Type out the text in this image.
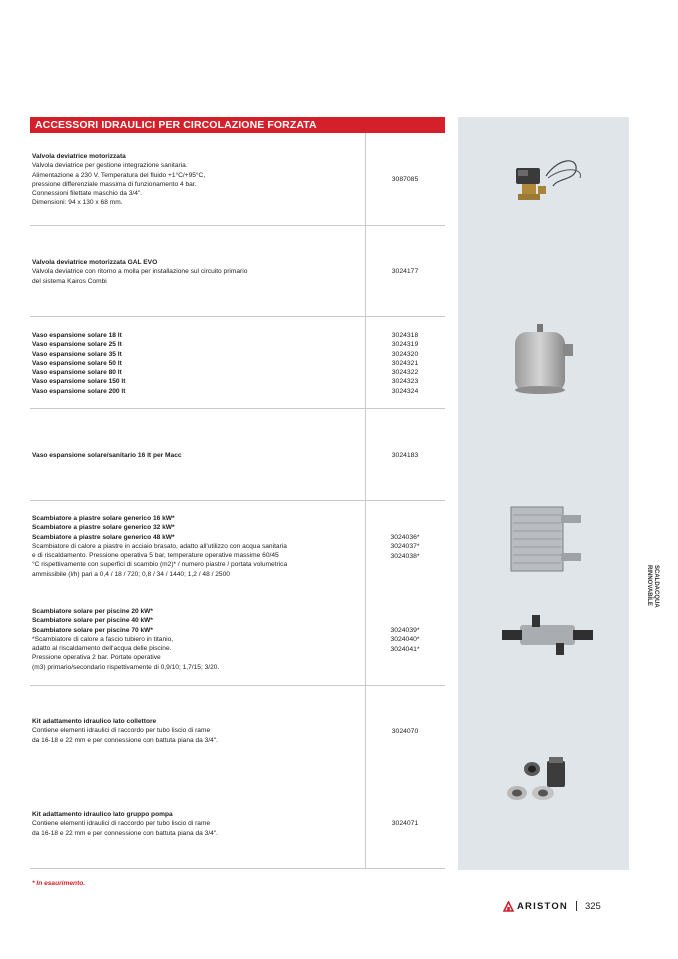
ACCESSORI IDRAULICI PER CIRCOLAZIONE FORZATA
Valvola deviatrice motorizzata
Valvola deviatrice per gestione integrazione sanitaria.
Alimentazione a 230 V. Temperatura del fluido +1°C/+95°C,
pressione differenziale massima di funzionamento 4 bar.
Connessioni filettate maschio da 3/4".
Dimensioni: 94 x 130 x 68 mm.
3087085
Valvola deviatrice motorizzata GAL EVO
Valvola deviatrice con ritorno a molla per installazione sul circuito primario
del sistema Kairos Combi
3024177
Vaso espansione solare 18 lt
Vaso espansione solare 25 lt
Vaso espansione solare 35 lt
Vaso espansione solare 50 lt
Vaso espansione solare 80 lt
Vaso espansione solare 150 lt
Vaso espansione solare 200 lt
3024318
3024319
3024320
3024321
3024322
3024323
3024324
Vaso espansione solare/sanitario 16 lt per Macc	3024183
Scambiatore a piastre solare generico 16 kW*
Scambiatore a piastre solare generico 32 kW*
Scambiatore a piastre solare generico 48 kW*
Scambiatore di calore a piastre in acciaio brasato, adatto all'utilizzo con acqua sanitaria
e di riscaldamento. Pressione operativa 5 bar, temperature operative massime 60/45
°C rispettivamente con superfici di scambio (m2)* / numero piastre / portata volumetrica
ammissibile (l/h) pari a 0,4 / 18 / 720; 0,8 / 34 / 1440; 1,2 / 48 / 2500
3024036*
3024037*
3024038*
Scambiatore solare per piscine 20 kW*
Scambiatore solare per piscine 40 kW*
Scambiatore solare per piscine 70 kW*
*Scambiatore di calore a fascio tubiero in titanio,
adatto al riscaldamento dell'acqua delle piscine.
Pressione operativa 2 bar. Portate operative
(m3) primario/secondario rispettivamente di 0,9/10; 1,7/15; 3/20.
3024039*
3024040*
3024041*
Kit adattamento idraulico lato collettore
Contiene elementi idraulici di raccordo per tubo liscio di rame
da 16-18 e 22 mm e per connessione con battuta piana da 3/4".
3024070
Kit adattamento idraulico lato gruppo pompa
Contiene elementi idraulici di raccordo per tubo liscio di rame
da 16-18 e 22 mm e per connessione con battuta piana da 3/4".
3024071
* In esaurimento.
SCALDACQUA
RINNOVABILE
ARISTON 325
